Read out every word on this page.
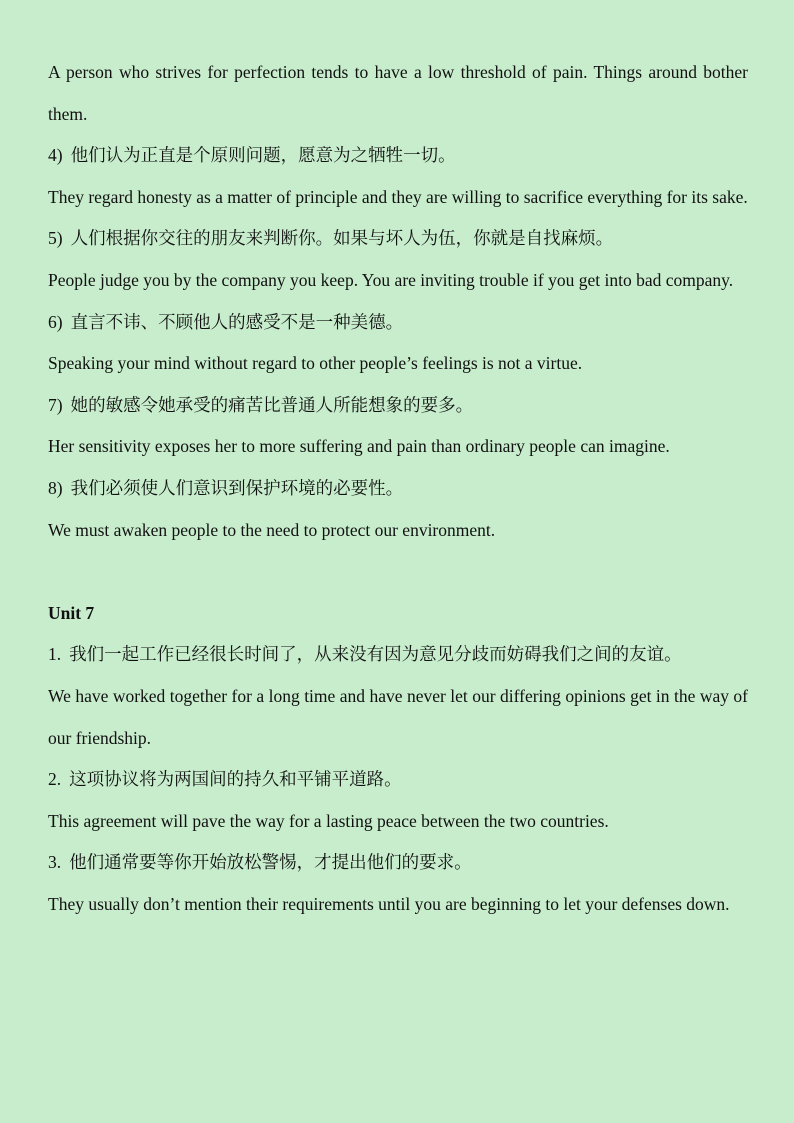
A person who strives for perfection tends to have a low threshold of pain. Things around bother them.

4) 他们认为正直是个原则问题，愿意为之牺牲一切。

They regard honesty as a matter of principle and they are willing to sacrifice everything for its sake.

5) 人们根据你交往的朋友来判断你。如果与坏人为伍，你就是自找麻烦。

People judge you by the company you keep. You are inviting trouble if you get into bad company.

6) 直言不讳、不顾他人的感受不是一种美德。

Speaking your mind without regard to other people’s feelings is not a virtue.

7) 她的敏感令她承受的痛苦比普通人所能想象的要多。

Her sensitivity exposes her to more suffering and pain than ordinary people can imagine.

8) 我们必须使人们意识到保护环境的必要性。

We must awaken people to the need to protect our environment.

Unit 7

1. 我们一起工作已经很长时间了，从来没有因为意见分歧而妨碍我们之间的友谊。

We have worked together for a long time and have never let our differing opinions get in the way of our friendship.

2. 这项协议将为两国间的持久和平铺平道路。

This agreement will pave the way for a lasting peace between the two countries.

3. 他们通常要等你开始放松警惕，才提出他们的要求。

They usually don’t mention their requirements until you are beginning to let your defenses down.
